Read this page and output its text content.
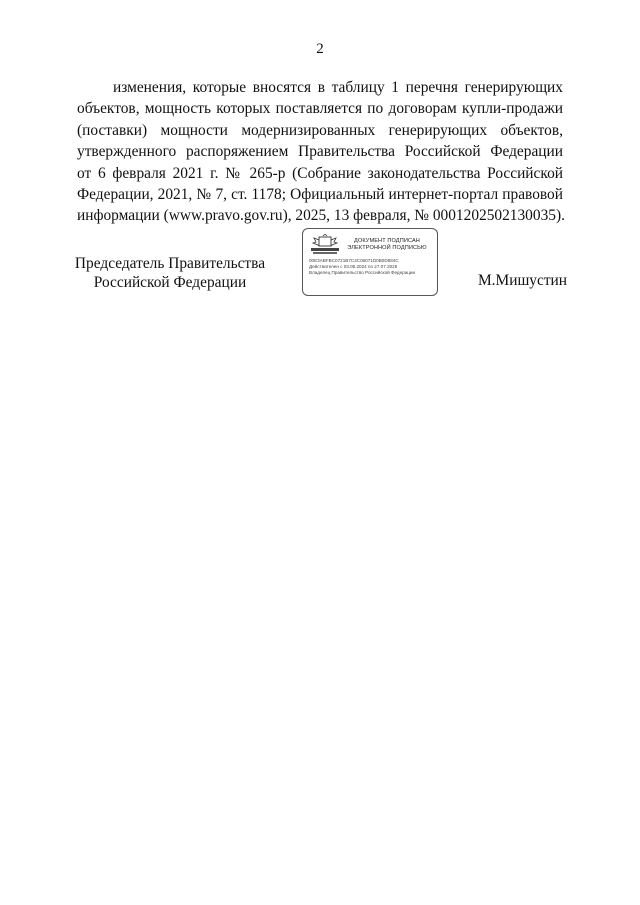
2
изменения, которые вносятся в таблицу 1 перечня генерирующих
объектов, мощность которых поставляется по договорам купли-продажи
(поставки) мощности модернизированных генерирующих объектов,
утвержденного распоряжением Правительства Российской Федерации
от 6 февраля 2021 г. № 265-р (Собрание законодательства Российской
Федерации, 2021, № 7, ст. 1178; Официальный интернет-портал правовой
информации (www.pravo.gov.ru), 2025, 13 февраля, № 0001202502130035).
Председатель Правительства
Российской Федерации
ДОКУМЕНТ ПОДПИСАН
ЭЛЕКТРОННОЙ ПОДПИСЬЮ
00E3ABFBC0721B7C4C06071D0B0D884C
Действителен с 03.06.2024 по 27.07.2025
Владелец Правительство Российской Федерации	М.Мишустин
